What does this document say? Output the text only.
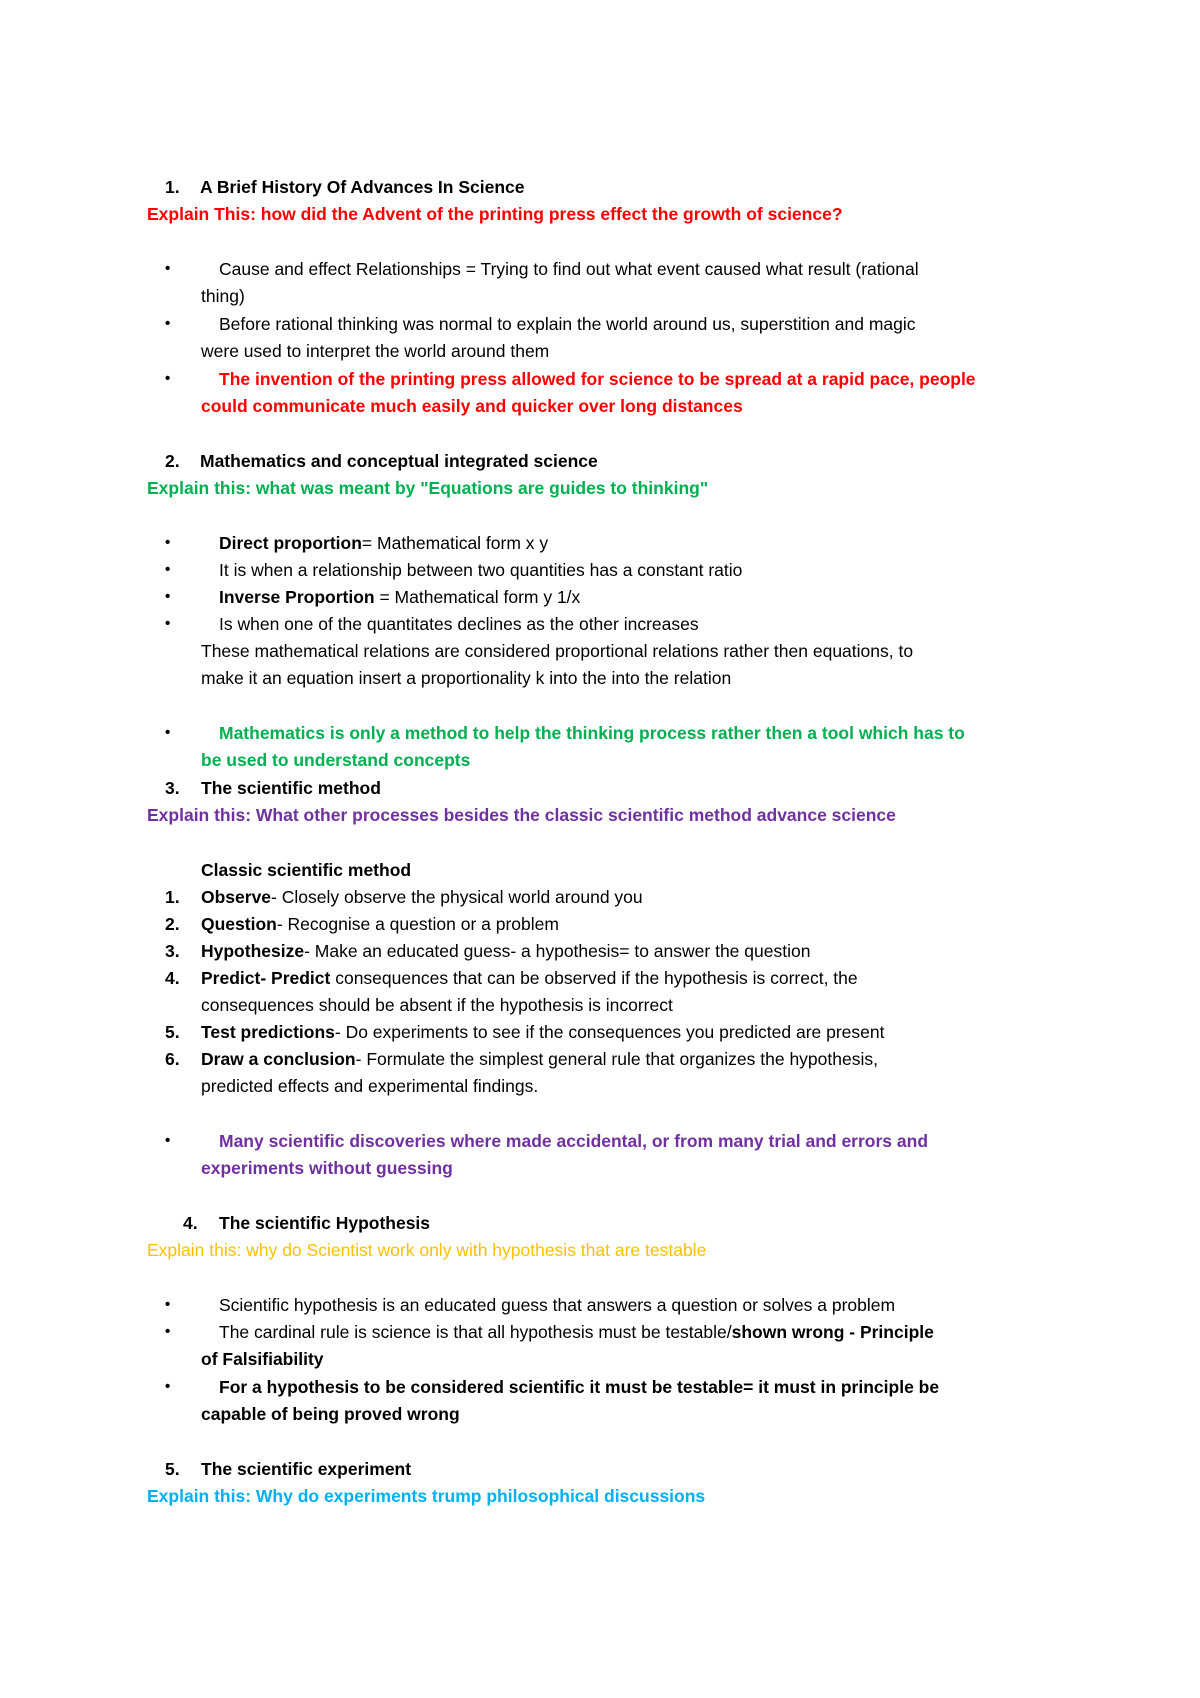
1. A Brief History Of Advances In Science
Explain This: how did the Advent of the printing press effect the growth of science?
•	Cause and effect Relationships = Trying to find out what event caused what result (rational
thing)
•	Before rational thinking was normal to explain the world around us, superstition and magic
were used to interpret the world around them
•	The invention of the printing press allowed for science to be spread at a rapid pace, people
could communicate much easily and quicker over long distances
2. Mathematics and conceptual integrated science
Explain this: what was meant by "Equations are guides to thinking"
•	Direct proportion= Mathematical form x y
•	It is when a relationship between two quantities has a constant ratio
•	Inverse Proportion = Mathematical form y 1/x
•	Is when one of the quantitates declines as the other increases
These mathematical relations are considered proportional relations rather then equations, to
make it an equation insert a proportionality k into the into the relation
•	Mathematics is only a method to help the thinking process rather then a tool which has to
be used to understand concepts
3. The scientific method
Explain this: What other processes besides the classic scientific method advance science
Classic scientific method
1. Observe- Closely observe the physical world around you
2. Question- Recognise a question or a problem
3. Hypothesize- Make an educated guess- a hypothesis= to answer the question
4. Predict- Predict consequences that can be observed if the hypothesis is correct, the
consequences should be absent if the hypothesis is incorrect
5. Test predictions- Do experiments to see if the consequences you predicted are present
6. Draw a conclusion- Formulate the simplest general rule that organizes the hypothesis,
predicted effects and experimental findings.
•	Many scientific discoveries where made accidental, or from many trial and errors and
experiments without guessing
4. The scientific Hypothesis
Explain this: why do Scientist work only with hypothesis that are testable
•	Scientific hypothesis is an educated guess that answers a question or solves a problem
•	The cardinal rule is science is that all hypothesis must be testable/shown wrong - Principle
of Falsifiability
•	For a hypothesis to be considered scientific it must be testable= it must in principle be
capable of being proved wrong
5. The scientific experiment
Explain this: Why do experiments trump philosophical discussions
